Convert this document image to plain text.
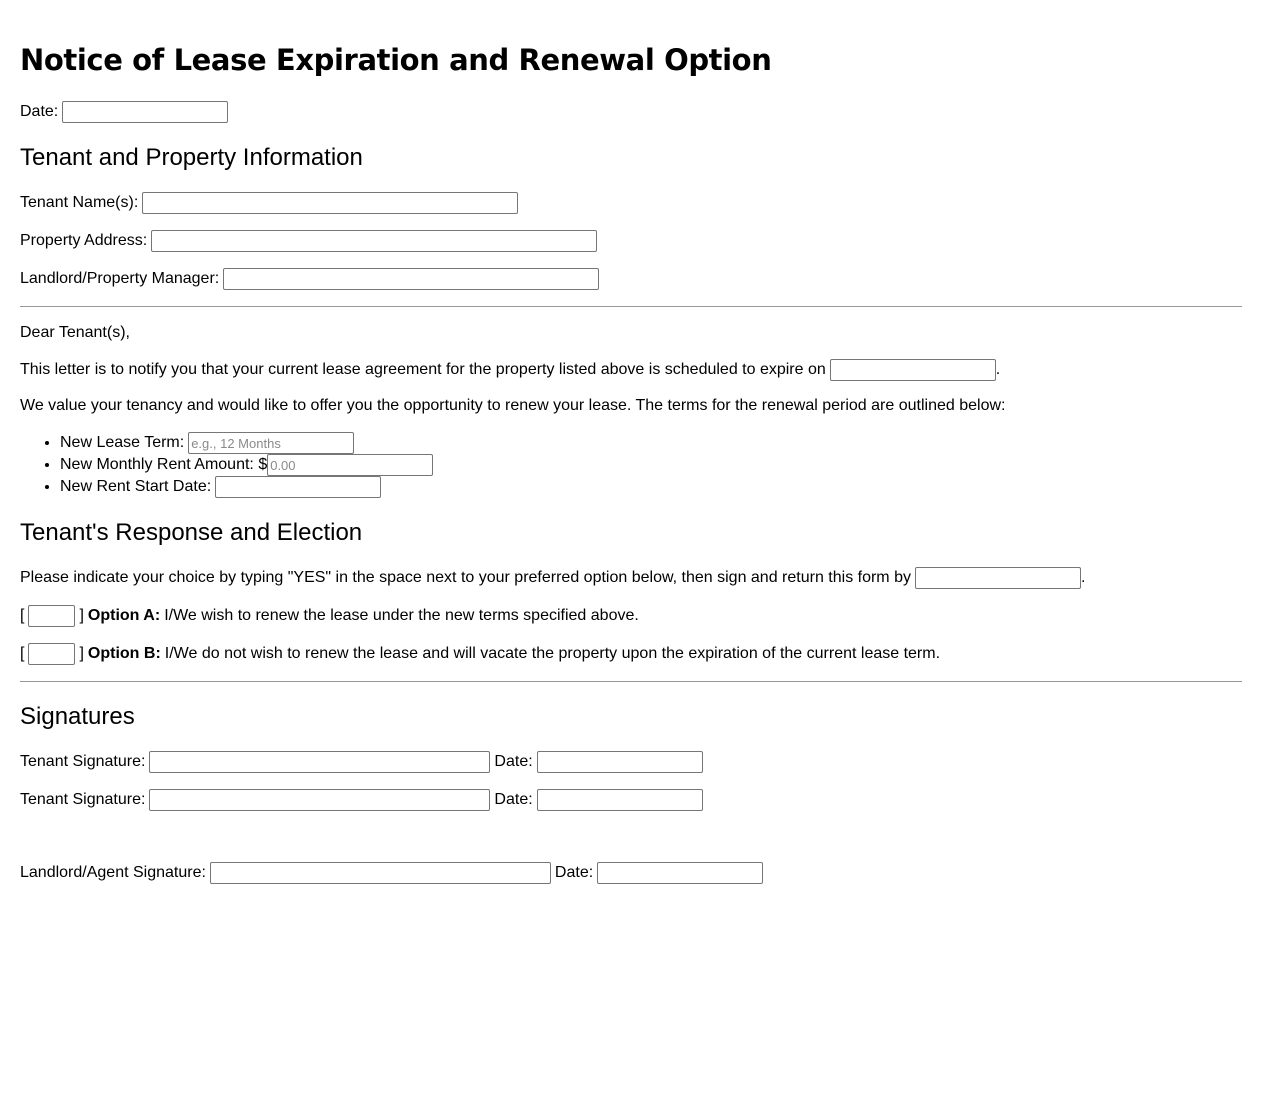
Notice of Lease Expiration and Renewal Option
Date:
Tenant and Property Information
Tenant Name(s):
Property Address:
Landlord/Property Manager:
Dear Tenant(s),
This letter is to notify you that your current lease agreement for the property listed above is scheduled to expire on	.
We value your tenancy and would like to offer you the opportunity to renew your lease. The terms for the renewal period are outlined below:
• New Lease Term:
e.g., 12 Months
• New Monthly Rent Amount: $
0.00
• New Rent Start Date:
Tenant's Response and Election
Please indicate your choice by typing "YES" in the space next to your preferred option below, then sign and return this form by	.
[	] Option A: I/We wish to renew the lease under the new terms specified above.
[	] Option B: I/We do not wish to renew the lease and will vacate the property upon the expiration of the current lease term.
Signatures
Tenant Signature:	Date:
Tenant Signature:	Date:
Landlord/Agent Signature:	Date:
